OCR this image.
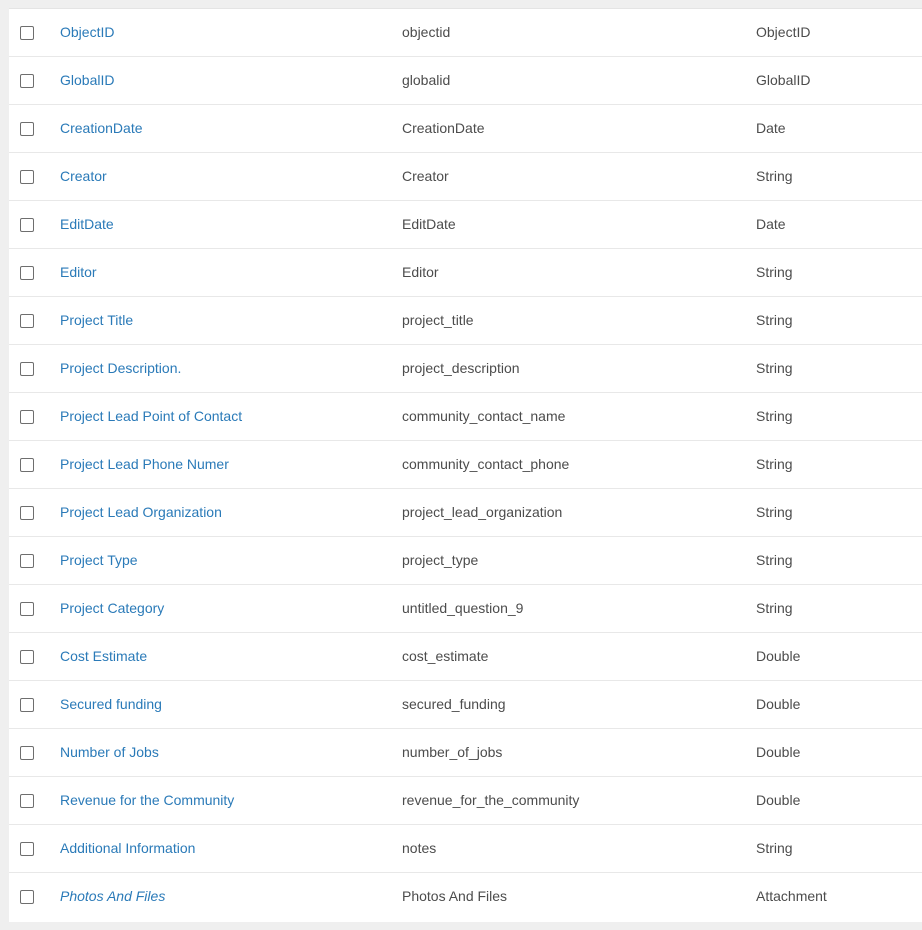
ObjectID	objectid	ObjectID
GlobalID	globalid	GlobalID
CreationDate	CreationDate	Date
Creator	Creator	String
EditDate	EditDate	Date
Editor	Editor	String
Project Title	project_title	String
Project Description.	project_description	String
Project Lead Point of Contact	community_contact_name	String
Project Lead Phone Numer	community_contact_phone	String
Project Lead Organization	project_lead_organization	String
Project Type	project_type	String
Project Category	untitled_question_9	String
Cost Estimate	cost_estimate	Double
Secured funding	secured_funding	Double
Number of Jobs	number_of_jobs	Double
Revenue for the Community	revenue_for_the_community	Double
Additional Information	notes	String
Photos And Files	Photos And Files	Attachment
